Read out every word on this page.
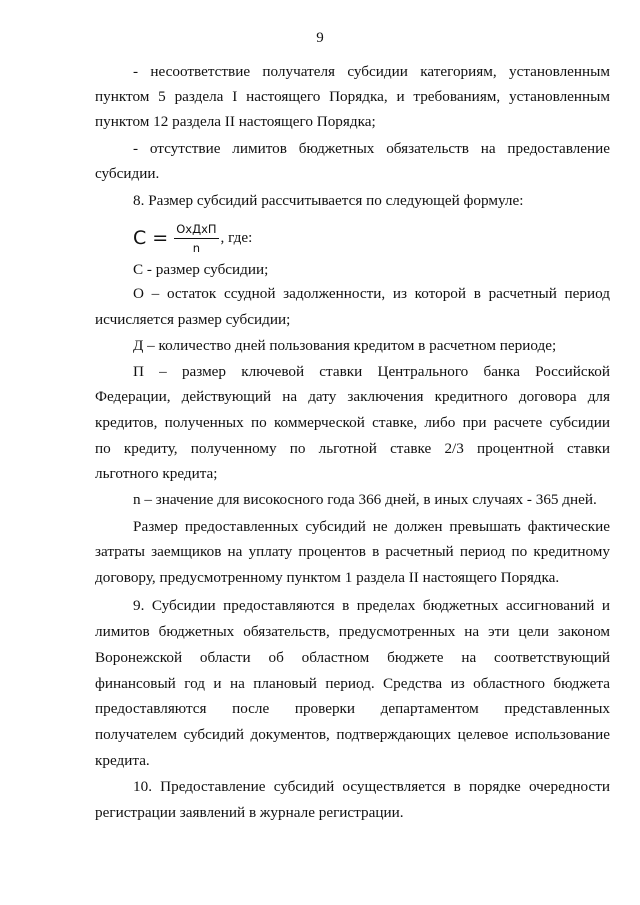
9
- несоответствие получателя субсидии категориям, установленным
пунктом 5 раздела I настоящего Порядка, и требованиям, установленным
пунктом 12 раздела II настоящего Порядка;
- отсутствие лимитов бюджетных обязательств на предоставление
субсидии.
8. Размер субсидий рассчитывается по следующей формуле:
$С = \frac{\text{ОхДхП}}{n}$ , где:
С - размер субсидии;
О – остаток ссудной задолженности, из которой в расчетный период
исчисляется размер субсидии;
Д – количество дней пользования кредитом в расчетном периоде;
П – размер ключевой ставки Центрального банка Российской
Федерации, действующий на дату заключения кредитного договора для
кредитов, полученных по коммерческой ставке, либо при расчете субсидии
по кредиту, полученному по льготной ставке 2/3 процентной ставки
льготного кредита;
n – значение для високосного года 366 дней, в иных случаях - 365 дней.
Размер предоставленных субсидий не должен превышать фактические
затраты заемщиков на уплату процентов в расчетный период по кредитному
договору, предусмотренному пунктом 1 раздела II настоящего Порядка.
9. Субсидии предоставляются в пределах бюджетных ассигнований и
лимитов бюджетных обязательств, предусмотренных на эти цели законом
Воронежской области об областном бюджете на соответствующий
финансовый год и на плановый период. Средства из областного бюджета
предоставляются после проверки департаментом представленных
получателем субсидий документов, подтверждающих целевое использование
кредита.
10. Предоставление субсидий осуществляется в порядке очередности
регистрации заявлений в журнале регистрации.
